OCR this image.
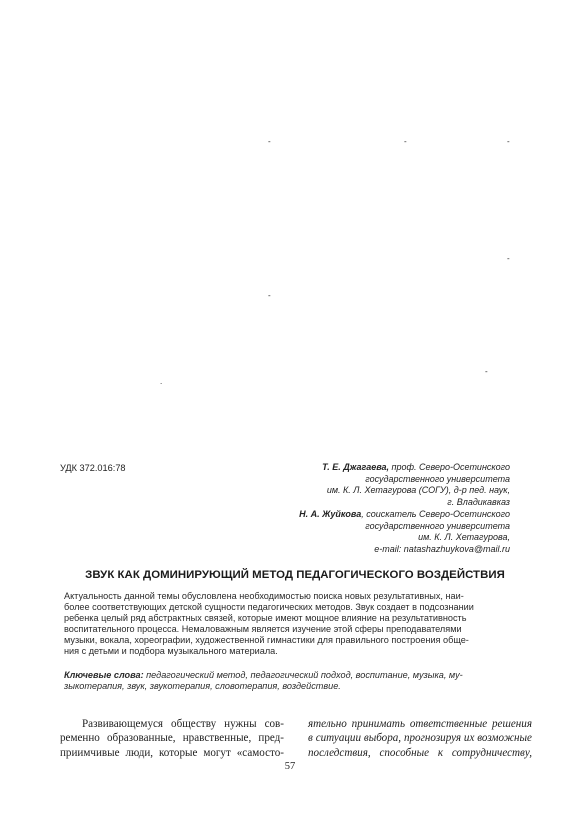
-	-	-
-
-
-
.
УДК 372.016:78	Т. Е. Джагаева, проф. Северо-Осетинского
государственного университета
им. К. Л. Хетагурова (СОГУ), д-р пед. наук,
г. Владикавказ
Н. А. Жуйкова, соискатель Северо-Осетинского
государственного университета
им. К. Л. Хетагурова,
e-mail: natashazhuykova@mail.ru
ЗВУК КАК ДОМИНИРУЮЩИЙ МЕТОД ПЕДАГОГИЧЕСКОГО ВОЗДЕЙСТВИЯ
Актуальность данной темы обусловлена необходимостью поиска новых результативных, наи-
более соответствующих детской сущности педагогических методов. Звук создает в подсознании
ребенка целый ряд абстрактных связей, которые имеют мощное влияние на результативность
воспитательного процесса. Немаловажным является изучение этой сферы преподавателями
музыки, вокала, хореографии, художественной гимнастики для правильного построения обще-
ния с детьми и подбора музыкального материала.
Ключевые слова: педагогический метод, педагогический подход, воспитание, музыка, му-
зыкотерапия, звук, звукотерапия, словотерапия, воздействие.
Развивающемуся обществу нужны сов-
ременно образованные, нравственные, пред-
приимчивые люди, которые могут «самосто-
ятельно принимать ответственные решения
в ситуации выбора, прогнозируя их возможные
последствия, способные к сотрудничеству,
57
